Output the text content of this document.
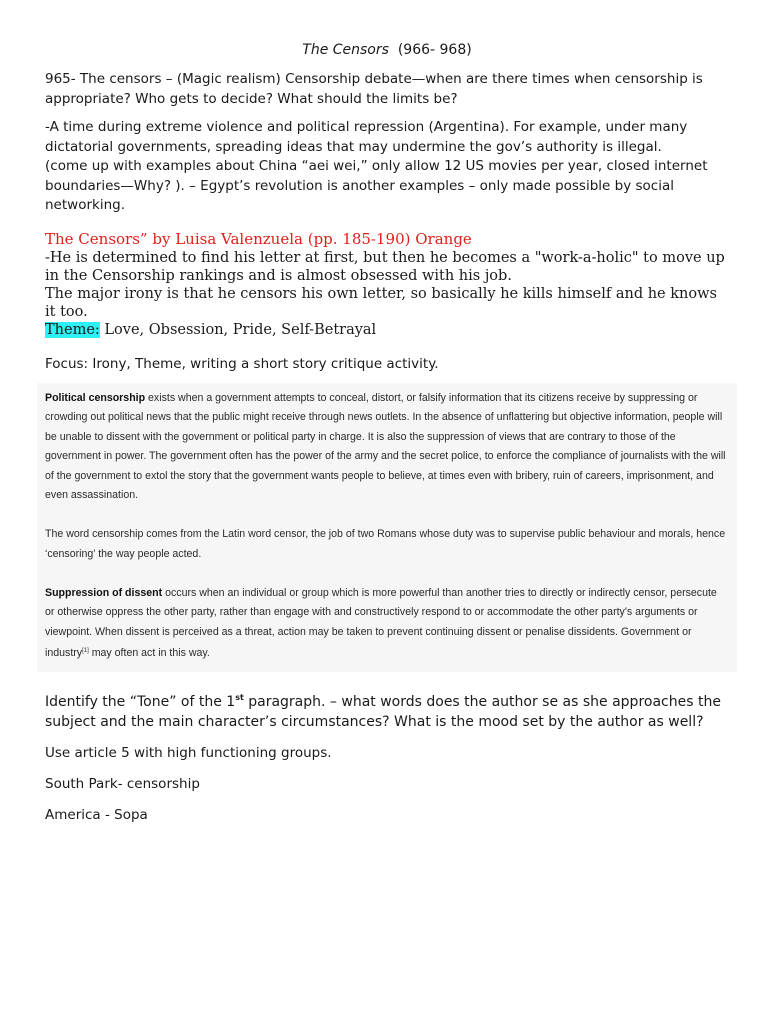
The Censors (966- 968)

965- The censors – (Magic realism) Censorship debate—when are there times when censorship is appropriate? Who gets to decide? What should the limits be?

-A time during extreme violence and political repression (Argentina). For example, under many dictatorial governments, spreading ideas that may undermine the gov’s authority is illegal.
(come up with examples about China “aei wei,” only allow 12 US movies per year, closed internet boundaries—Why? ). – Egypt’s revolution is another examples – only made possible by social networking.

The Censors” by Luisa Valenzuela (pp. 185-190) Orange

-He is determined to find his letter at first, but then he becomes a "work-a-holic" to move up in the Censorship rankings and is almost obsessed with his job.

The major irony is that he censors his own letter, so basically he kills himself and he knows it too.

Theme: Love, Obsession, Pride, Self-Betrayal

Focus: Irony, Theme, writing a short story critique activity.

Political censorship exists when a government attempts to conceal, distort, or falsify information that its citizens receive by suppressing or crowding out political news that the public might receive through news outlets. In the absence of unflattering but objective information, people will be unable to dissent with the government or political party in charge. It is also the suppression of views that are contrary to those of the government in power. The government often has the power of the army and the secret police, to enforce the compliance of journalists with the will of the government to extol the story that the government wants people to believe, at times even with bribery, ruin of careers, imprisonment, and even assassination.

The word censorship comes from the Latin word censor, the job of two Romans whose duty was to supervise public behaviour and morals, hence ‘censoring’ the way people acted.

Suppression of dissent occurs when an individual or group which is more powerful than another tries to directly or indirectly censor, persecute or otherwise oppress the other party, rather than engage with and constructively respond to or accommodate the other party's arguments or viewpoint. When dissent is perceived as a threat, action may be taken to prevent continuing dissent or penalise dissidents. Government or industry[1] may often act in this way.

Identify the “Tone” of the 1st paragraph. – what words does the author se as she approaches the subject and the main character’s circumstances? What is the mood set by the author as well?

Use article 5 with high functioning groups.

South Park- censorship

America - Sopa
